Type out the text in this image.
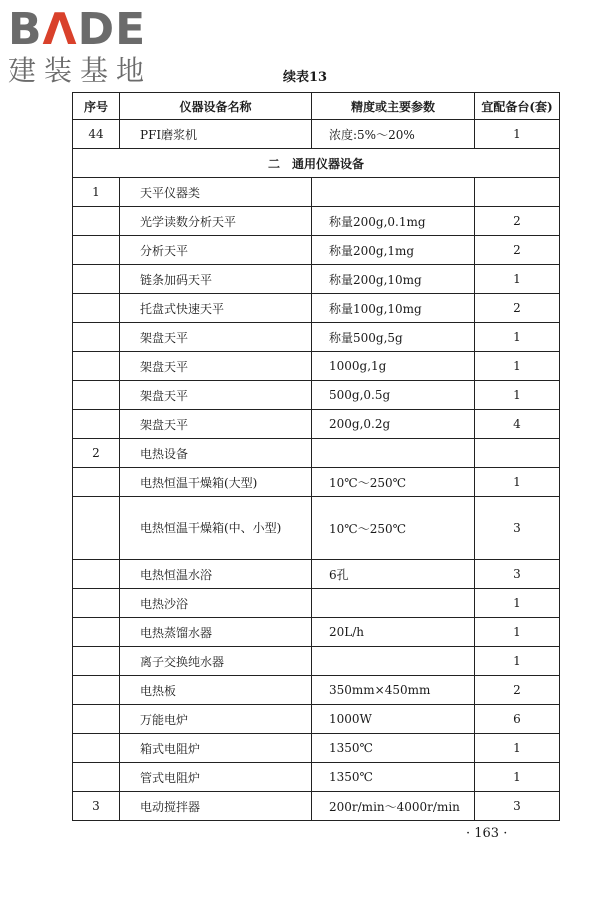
BΛDE
建装基地	续表13
序号	仪器设备名称	精度或主要参数	宜配备台(套)
44	PFI磨浆机	浓度:5%～20%	1
二　通用仪器设备			
1	天平仪器类		
	光学读数分析天平	称量200g,0.1mg	2
	分析天平	称量200g,1mg	2
	链条加码天平	称量200g,10mg	1
	托盘式快速天平	称量100g,10mg	2
	架盘天平	称量500g,5g	1
	架盘天平	1000g,1g	1
	架盘天平	500g,0.5g	1
	架盘天平	200g,0.2g	4
2	电热设备		
	电热恒温干燥箱(大型)	10℃～250℃	1
	电热恒温干燥箱(中、小型)	10℃～250℃	3
	电热恒温水浴	6孔	3
	电热沙浴		1
	电热蒸馏水器	20L/h	1
	离子交换纯水器		1
	电热板	350mm×450mm	2
	万能电炉	1000W	6
	箱式电阻炉	1350℃	1
	管式电阻炉	1350℃	1
3	电动搅拌器	200r/min～4000r/min	3
· 163 ·
